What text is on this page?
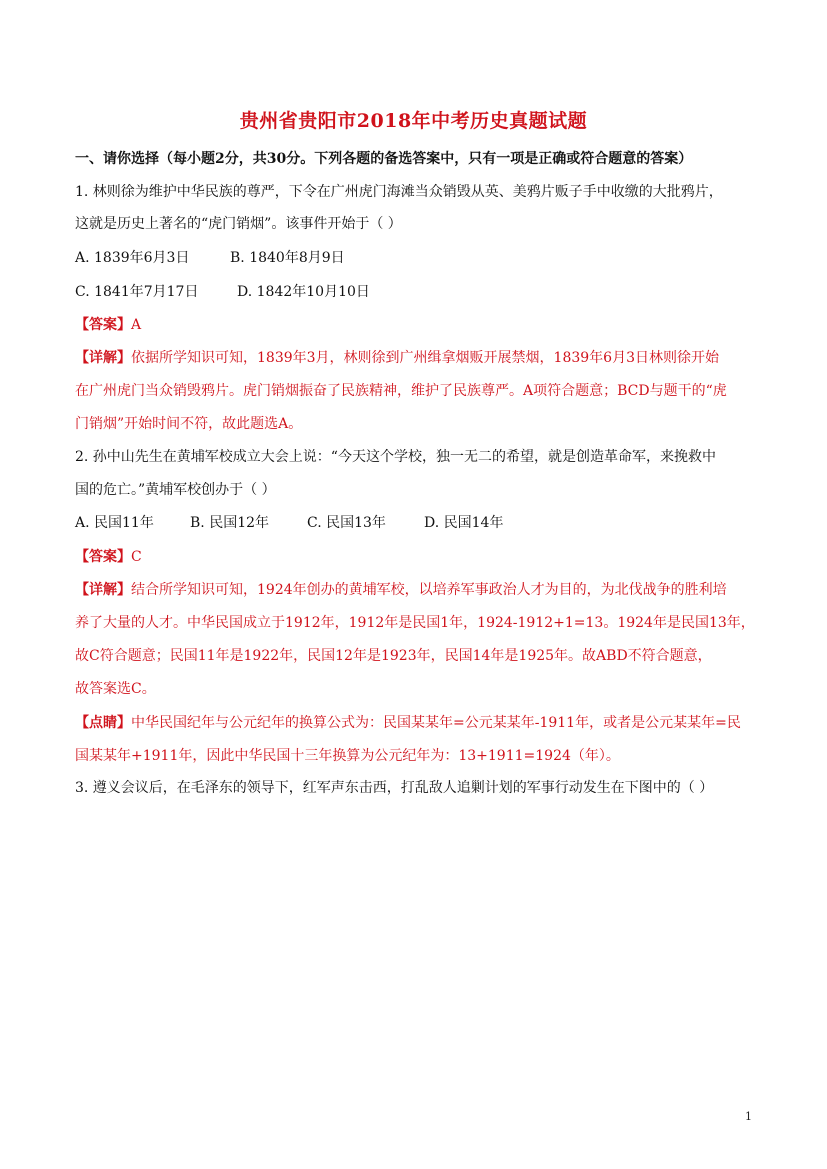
贵州省贵阳市2018年中考历史真题试题
一、请你选择（每小题2分，共30分。下列各题的备选答案中，只有一项是正确或符合题意的答案）
1. 林则徐为维护中华民族的尊严，下令在广州虎门海滩当众销毁从英、美鸦片贩子手中收缴的大批鸦片，
这就是历史上著名的“虎门销烟”。该事件开始于（ ）
A. 1839年6月3日	B. 1840年8月9日
C. 1841年7月17日	D. 1842年10月10日
【答案】A
【详解】依据所学知识可知，1839年3月，林则徐到广州缉拿烟贩开展禁烟，1839年6月3日林则徐开始
在广州虎门当众销毁鸦片。虎门销烟振奋了民族精神，维护了民族尊严。A项符合题意；BCD与题干的“虎
门销烟”开始时间不符，故此题选A。
2. 孙中山先生在黄埔军校成立大会上说：“今天这个学校，独一无二的希望，就是创造革命军，来挽救中
国的危亡。”黄埔军校创办于（ ）
A. 民国11年	B. 民国12年	C. 民国13年	D. 民国14年
【答案】C
【详解】结合所学知识可知，1924年创办的黄埔军校，以培养军事政治人才为目的，为北伐战争的胜利培
养了大量的人才。中华民国成立于1912年，1912年是民国1年，1924-1912+1=13。1924年是民国13年，
故C符合题意；民国11年是1922年，民国12年是1923年，民国14年是1925年。故ABD不符合题意，
故答案选C。
【点睛】中华民国纪年与公元纪年的换算公式为：民国某某年=公元某某年-1911年，或者是公元某某年=民
国某某年+1911年，因此中华民国十三年换算为公元纪年为：13+1911=1924（年）。
3. 遵义会议后，在毛泽东的领导下，红军声东击西，打乱敌人追剿计划的军事行动发生在下图中的（ ）
1
